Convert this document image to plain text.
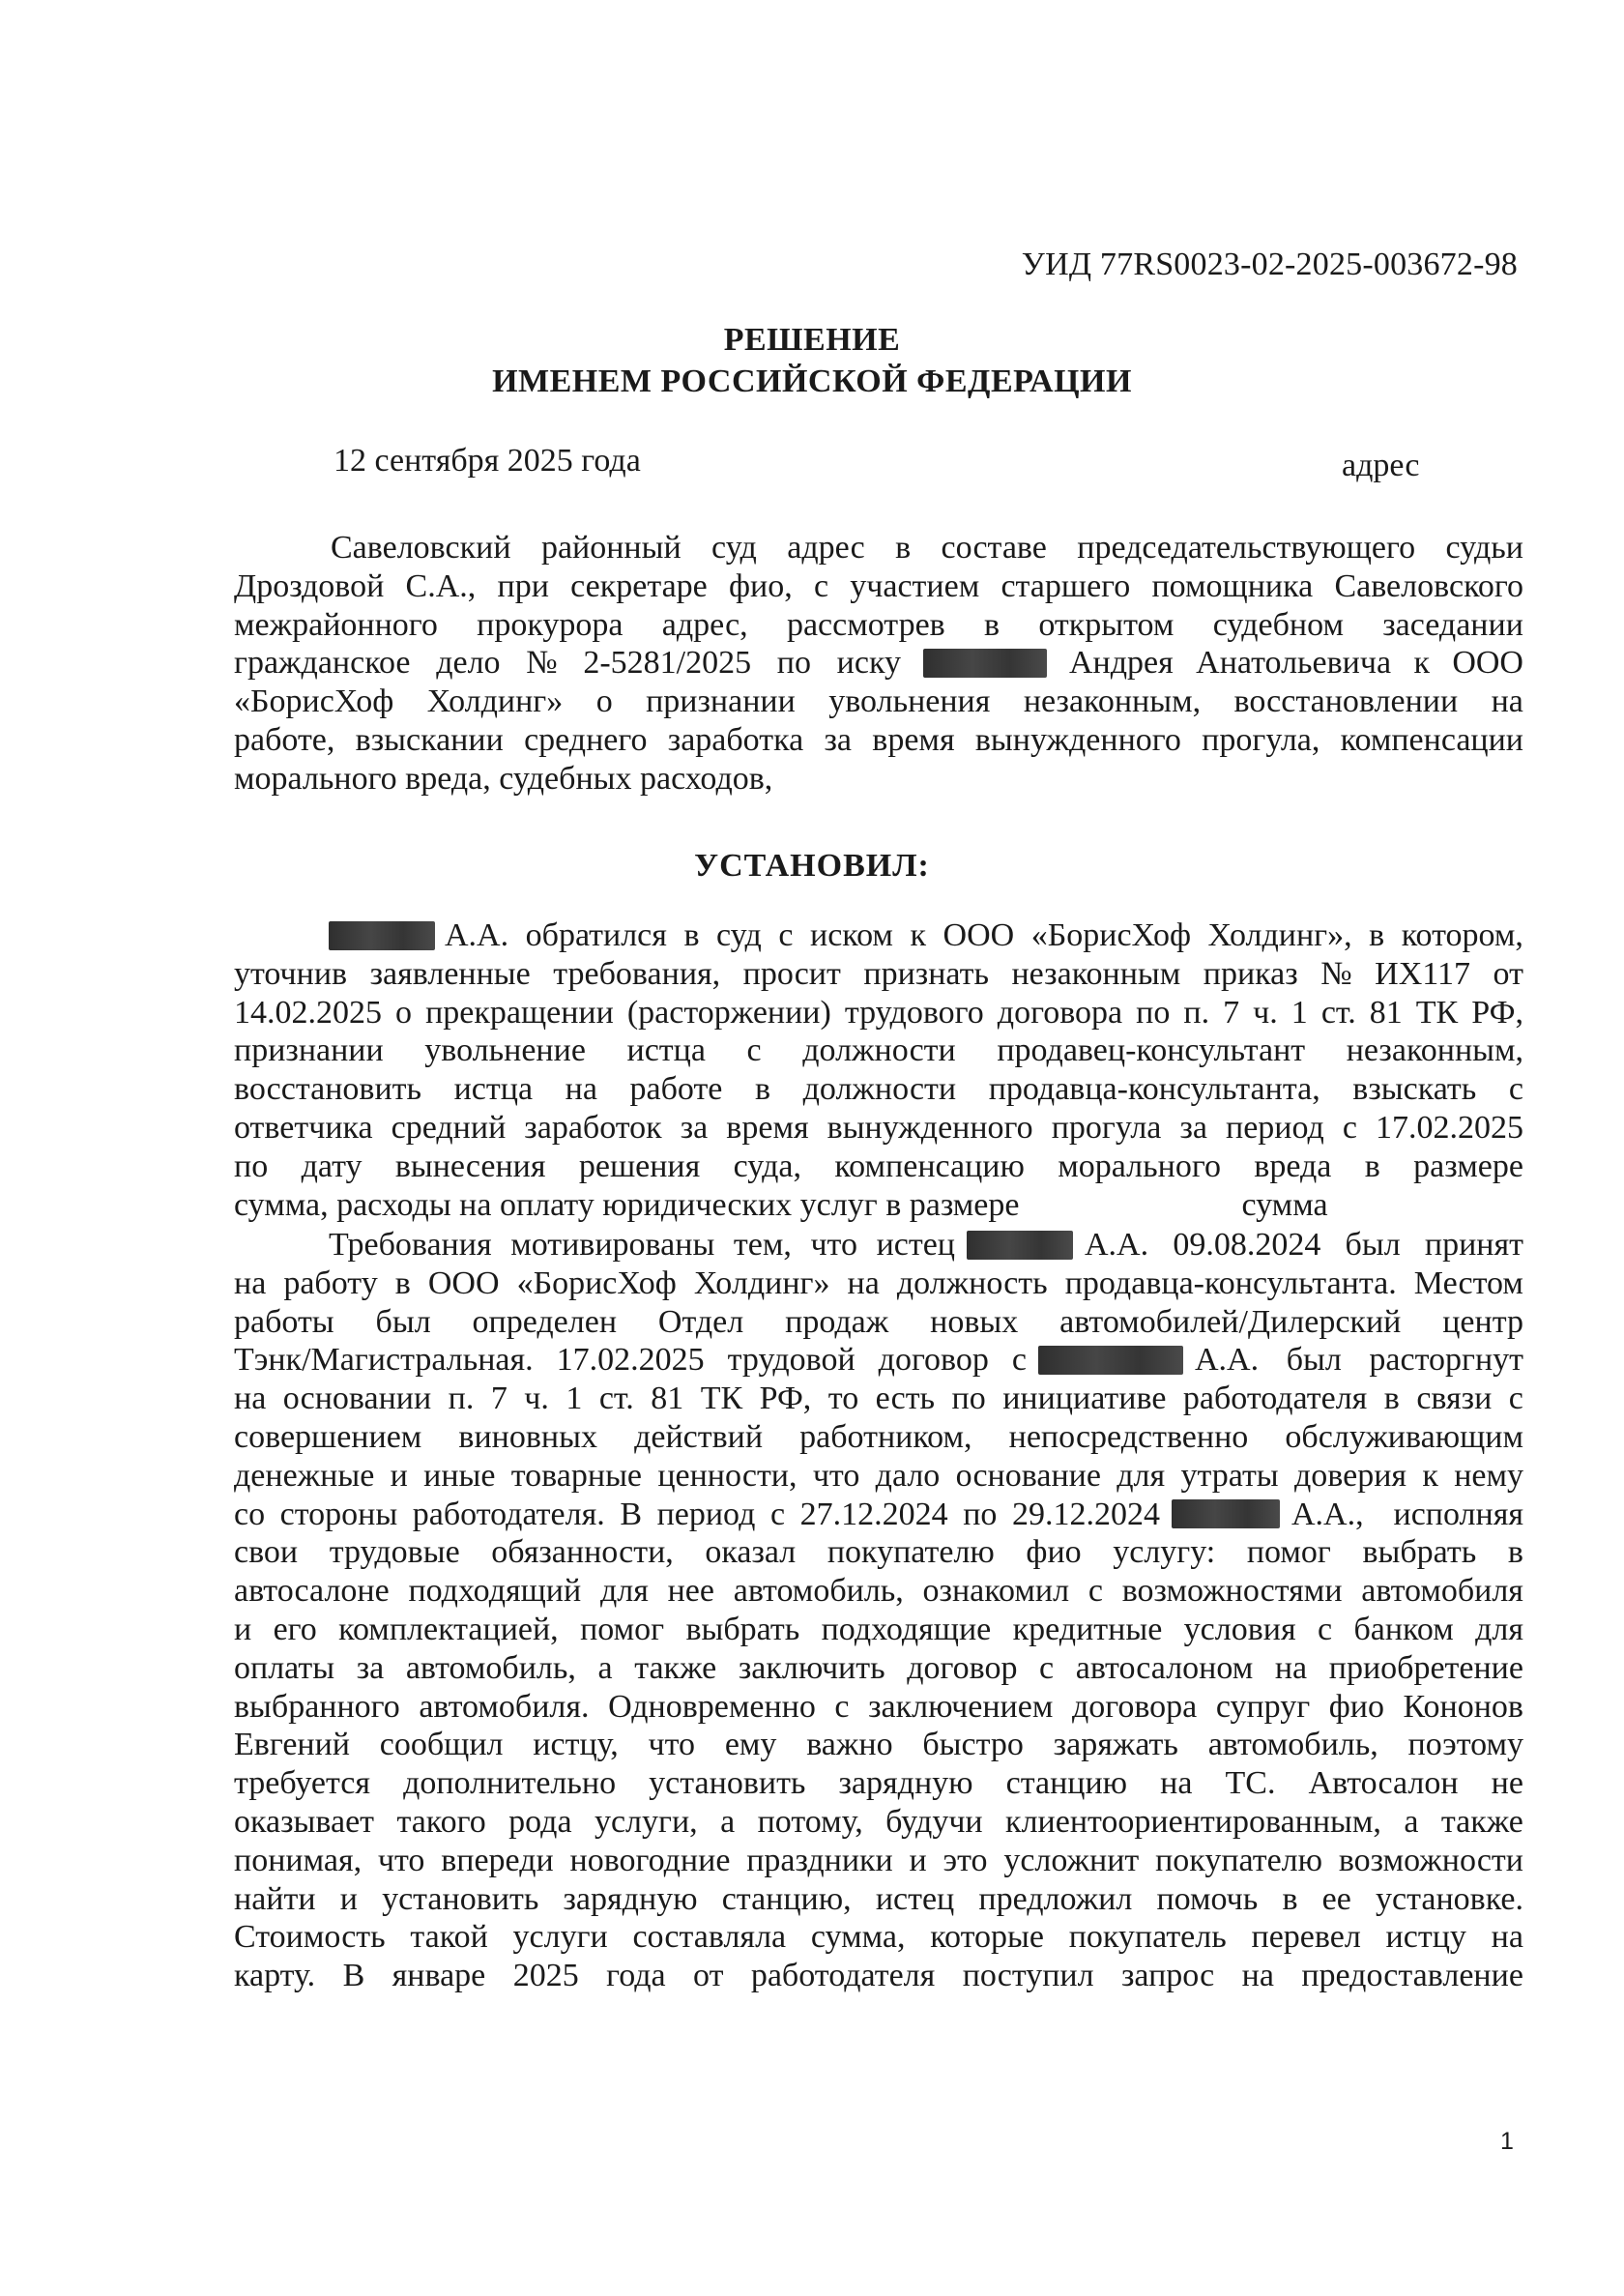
УИД 77RS0023-02-2025-003672-98
РЕШЕНИЕ
ИМЕНЕМ РОССИЙСКОЙ ФЕДЕРАЦИИ
12 сентября 2025 года	адрес
Савеловский районный суд адрес в составе председательствующего судьи
Дроздовой С.А., при секретаре фио, с участием старшего помощника Савеловского
межрайонного прокурора адрес, рассмотрев в открытом судебном заседании
гражданское дело № 2-5281/2025 по иску	Андрея Анатольевича к ООО
«БорисХоф Холдинг» о признании увольнения незаконным, восстановлении на
работе, взыскании среднего заработка за время вынужденного прогула, компенсации
морального вреда, судебных расходов,
УСТАНОВИЛ:
А.А. обратился в суд с иском к ООО «БорисХоф Холдинг», в котором,
уточнив заявленные требования, просит признать незаконным приказ № ИХ117 от
14.02.2025 о прекращении (расторжении) трудового договора по п. 7 ч. 1 ст. 81 ТК РФ,
признании увольнение истца с должности продавец-консультант незаконным,
восстановить истца на работе в должности продавца-консультанта, взыскать с
ответчика средний заработок за время вынужденного прогула за период с 17.02.2025
по дату вынесения решения суда, компенсацию морального вреда в размере
сумма, расходы на оплату юридических услуг в размере	сумма
Требования мотивированы тем, что истец	А.А. 09.08.2024 был принят
на работу в ООО «БорисХоф Холдинг» на должность продавца-консультанта. Местом
работы был определен Отдел продаж новых автомобилей/Дилерский центр
Тэнк/Магистральная. 17.02.2025 трудовой договор с	А.А. был расторгнут
на основании п. 7 ч. 1 ст. 81 ТК РФ, то есть по инициативе работодателя в связи с
совершением виновных действий работником, непосредственно обслуживающим
денежные и иные товарные ценности, что дало основание для утраты доверия к нему
со стороны работодателя. В период с 27.12.2024 по 29.12.2024	А.А., исполняя
свои трудовые обязанности, оказал покупателю фио услугу: помог выбрать в
автосалоне подходящий для нее автомобиль, ознакомил с возможностями автомобиля
и его комплектацией, помог выбрать подходящие кредитные условия с банком для
оплаты за автомобиль, а также заключить договор с автосалоном на приобретение
выбранного автомобиля. Одновременно с заключением договора супруг фио Кононов
Евгений сообщил истцу, что ему важно быстро заряжать автомобиль, поэтому
требуется дополнительно установить зарядную станцию на ТС. Автосалон не
оказывает такого рода услуги, а потому, будучи клиентоориентированным, а также
понимая, что впереди новогодние праздники и это усложнит покупателю возможности
найти и установить зарядную станцию, истец предложил помочь в ее установке.
Стоимость такой услуги составляла сумма, которые покупатель перевел истцу на
карту. В январе 2025 года от работодателя поступил запрос на предоставление
1
